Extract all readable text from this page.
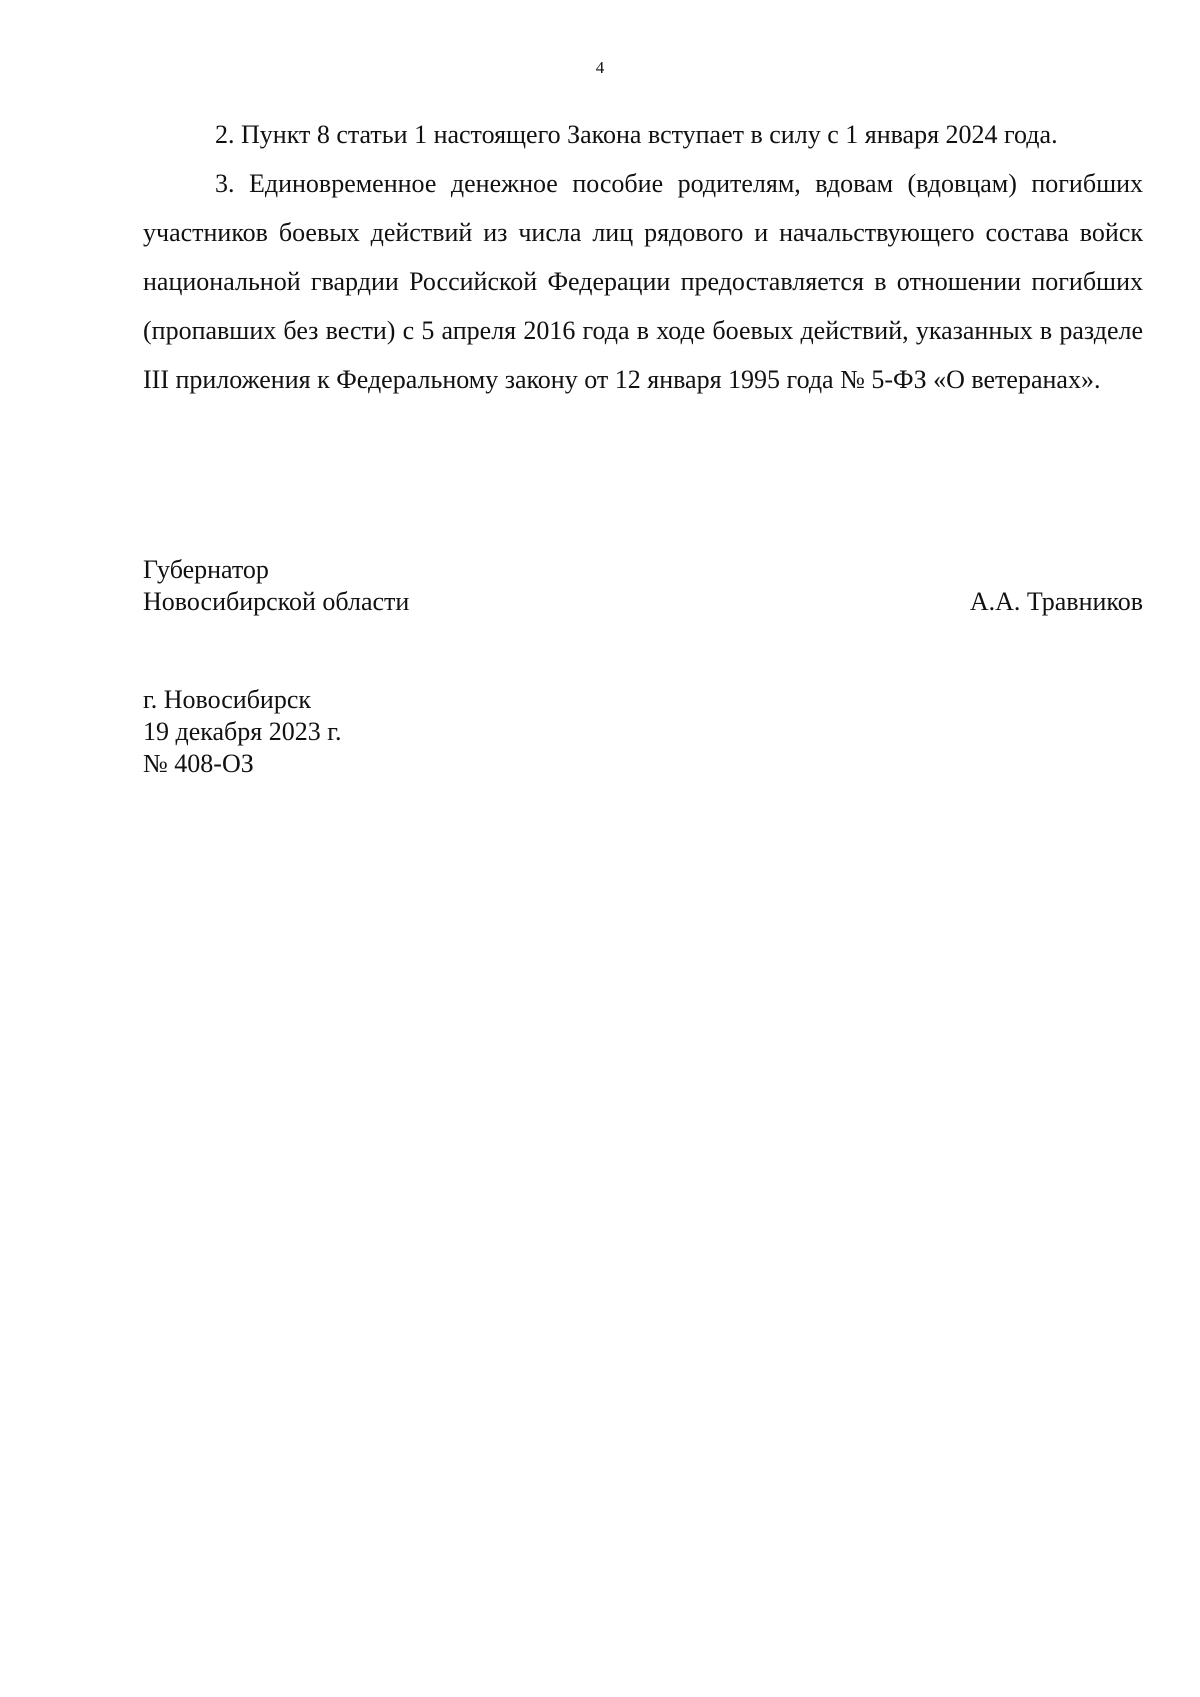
4

2. Пункт 8 статьи 1 настоящего Закона вступает в силу с 1 января 2024 года.

3. Единовременное денежное пособие родителям, вдовам (вдовцам) погибших участников боевых действий из числа лиц рядового и начальствующего состава войск национальной гвардии Российской Федерации предоставляется в отношении погибших (пропавших без вести) с 5 апреля 2016 года в ходе боевых действий, указанных в разделе III приложения к Федеральному закону от 12 января 1995 года № 5-ФЗ «О ветеранах».

Губернатор
Новосибирской области	А.А. Травников
г. Новосибирск
19 декабря 2023 г.
№ 408-ОЗ
